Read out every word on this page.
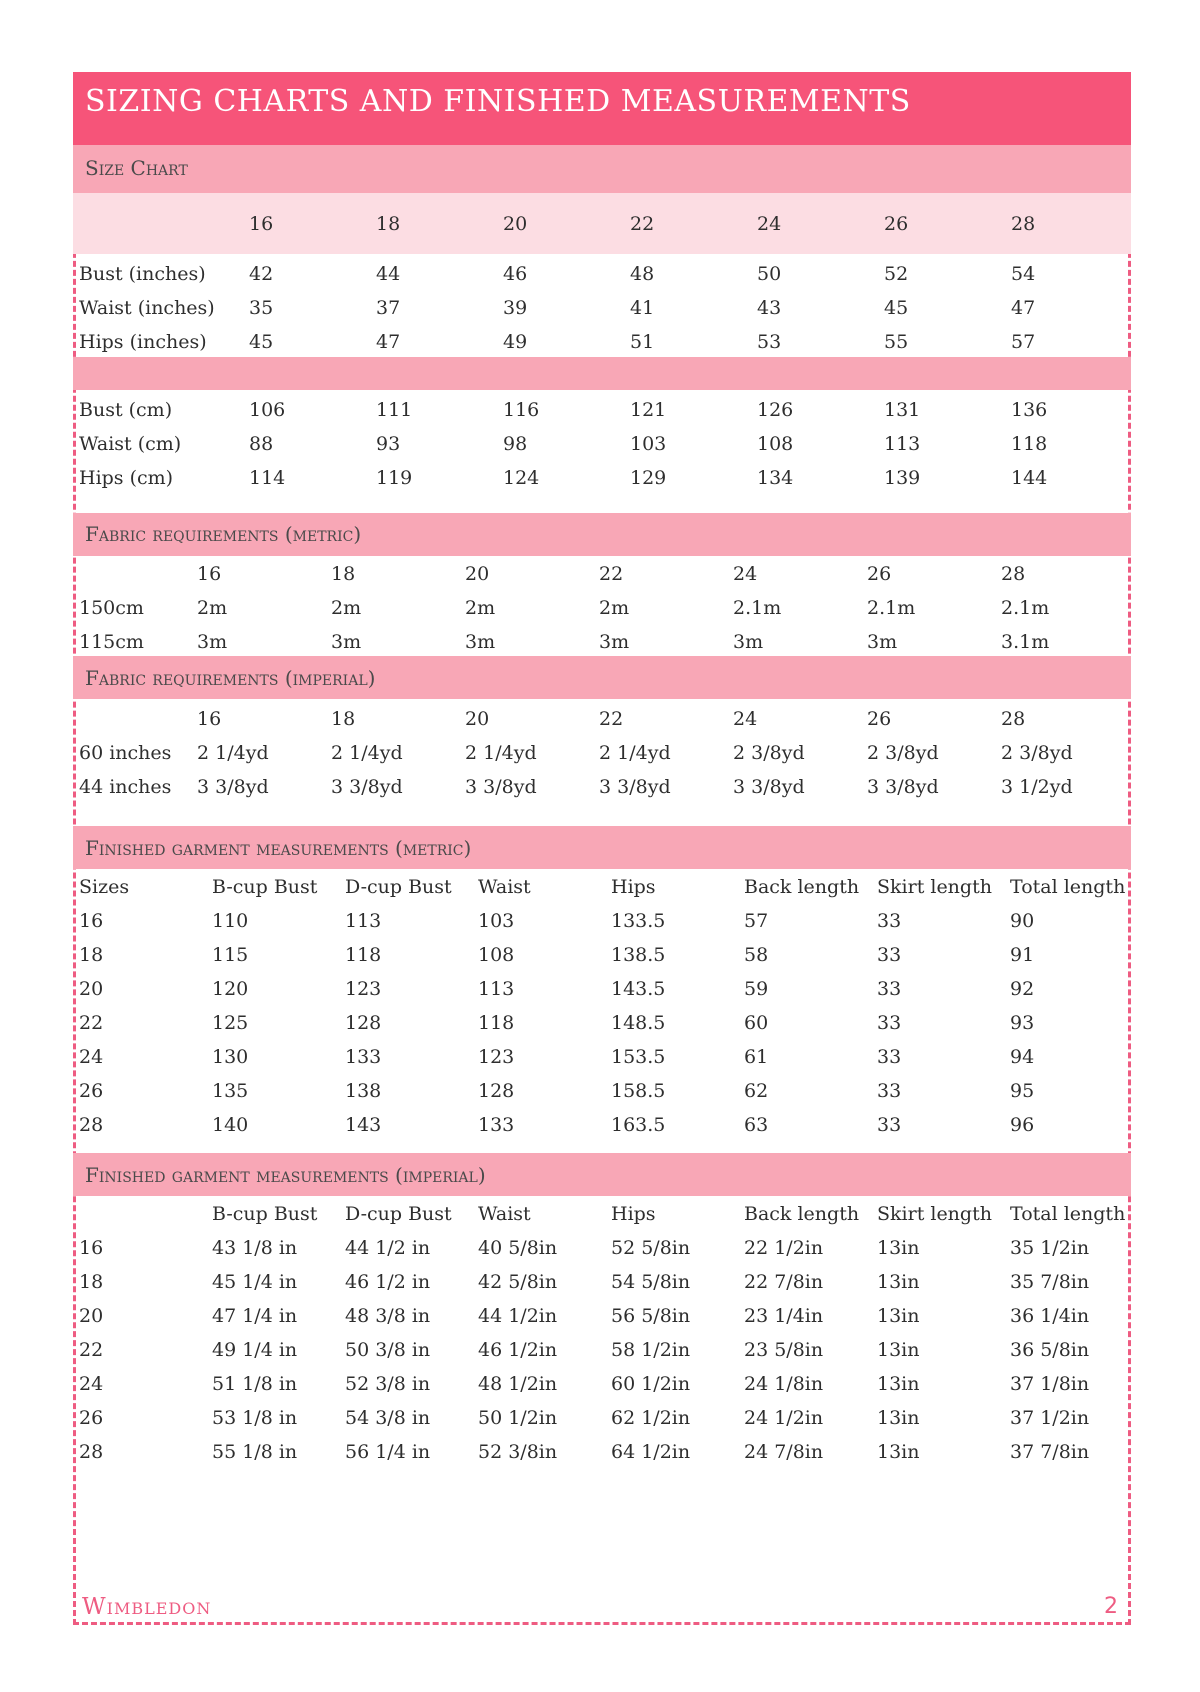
SIZING CHARTS AND FINISHED MEASUREMENTS
Size Chart
	16	18	20	22	24	26	28
Bust (inches)	42	44	46	48	50	52	54
Waist (inches)	35	37	39	41	43	45	47
Hips (inches)	45	47	49	51	53	55	57
Bust (cm)	106	111	116	121	126	131	136
Waist (cm)	88	93	98	103	108	113	118
Hips (cm)	114	119	124	129	134	139	144
Fabric requirements (metric)
	16	18	20	22	24	26	28
150cm	2m	2m	2m	2m	2.1m	2.1m	2.1m
115cm	3m	3m	3m	3m	3m	3m	3.1m
Fabric requirements (imperial)
	16	18	20	22	24	26	28
60 inches	2 1/4yd	2 1/4yd	2 1/4yd	2 1/4yd	2 3/8yd	2 3/8yd	2 3/8yd
44 inches	3 3/8yd	3 3/8yd	3 3/8yd	3 3/8yd	3 3/8yd	3 3/8yd	3 1/2yd
Finished garment measurements (metric)
Sizes	B-cup Bust	D-cup Bust	Waist	Hips	Back length	Skirt length	Total length
16	110	113	103	133.5	57	33	90
18	115	118	108	138.5	58	33	91
20	120	123	113	143.5	59	33	92
22	125	128	118	148.5	60	33	93
24	130	133	123	153.5	61	33	94
26	135	138	128	158.5	62	33	95
28	140	143	133	163.5	63	33	96
Finished garment measurements (imperial)
	B-cup Bust	D-cup Bust	Waist	Hips	Back length	Skirt length	Total length
16	43 1/8 in	44 1/2 in	40 5/8in	52 5/8in	22 1/2in	13in	35 1/2in
18	45 1/4 in	46 1/2 in	42 5/8in	54 5/8in	22 7/8in	13in	35 7/8in
20	47 1/4 in	48 3/8 in	44 1/2in	56 5/8in	23 1/4in	13in	36 1/4in
22	49 1/4 in	50 3/8 in	46 1/2in	58 1/2in	23 5/8in	13in	36 5/8in
24	51 1/8 in	52 3/8 in	48 1/2in	60 1/2in	24 1/8in	13in	37 1/8in
26	53 1/8 in	54 3/8 in	50 1/2in	62 1/2in	24 1/2in	13in	37 1/2in
28	55 1/8 in	56 1/4 in	52 3/8in	64 1/2in	24 7/8in	13in	37 7/8in
Wimbledon	2
